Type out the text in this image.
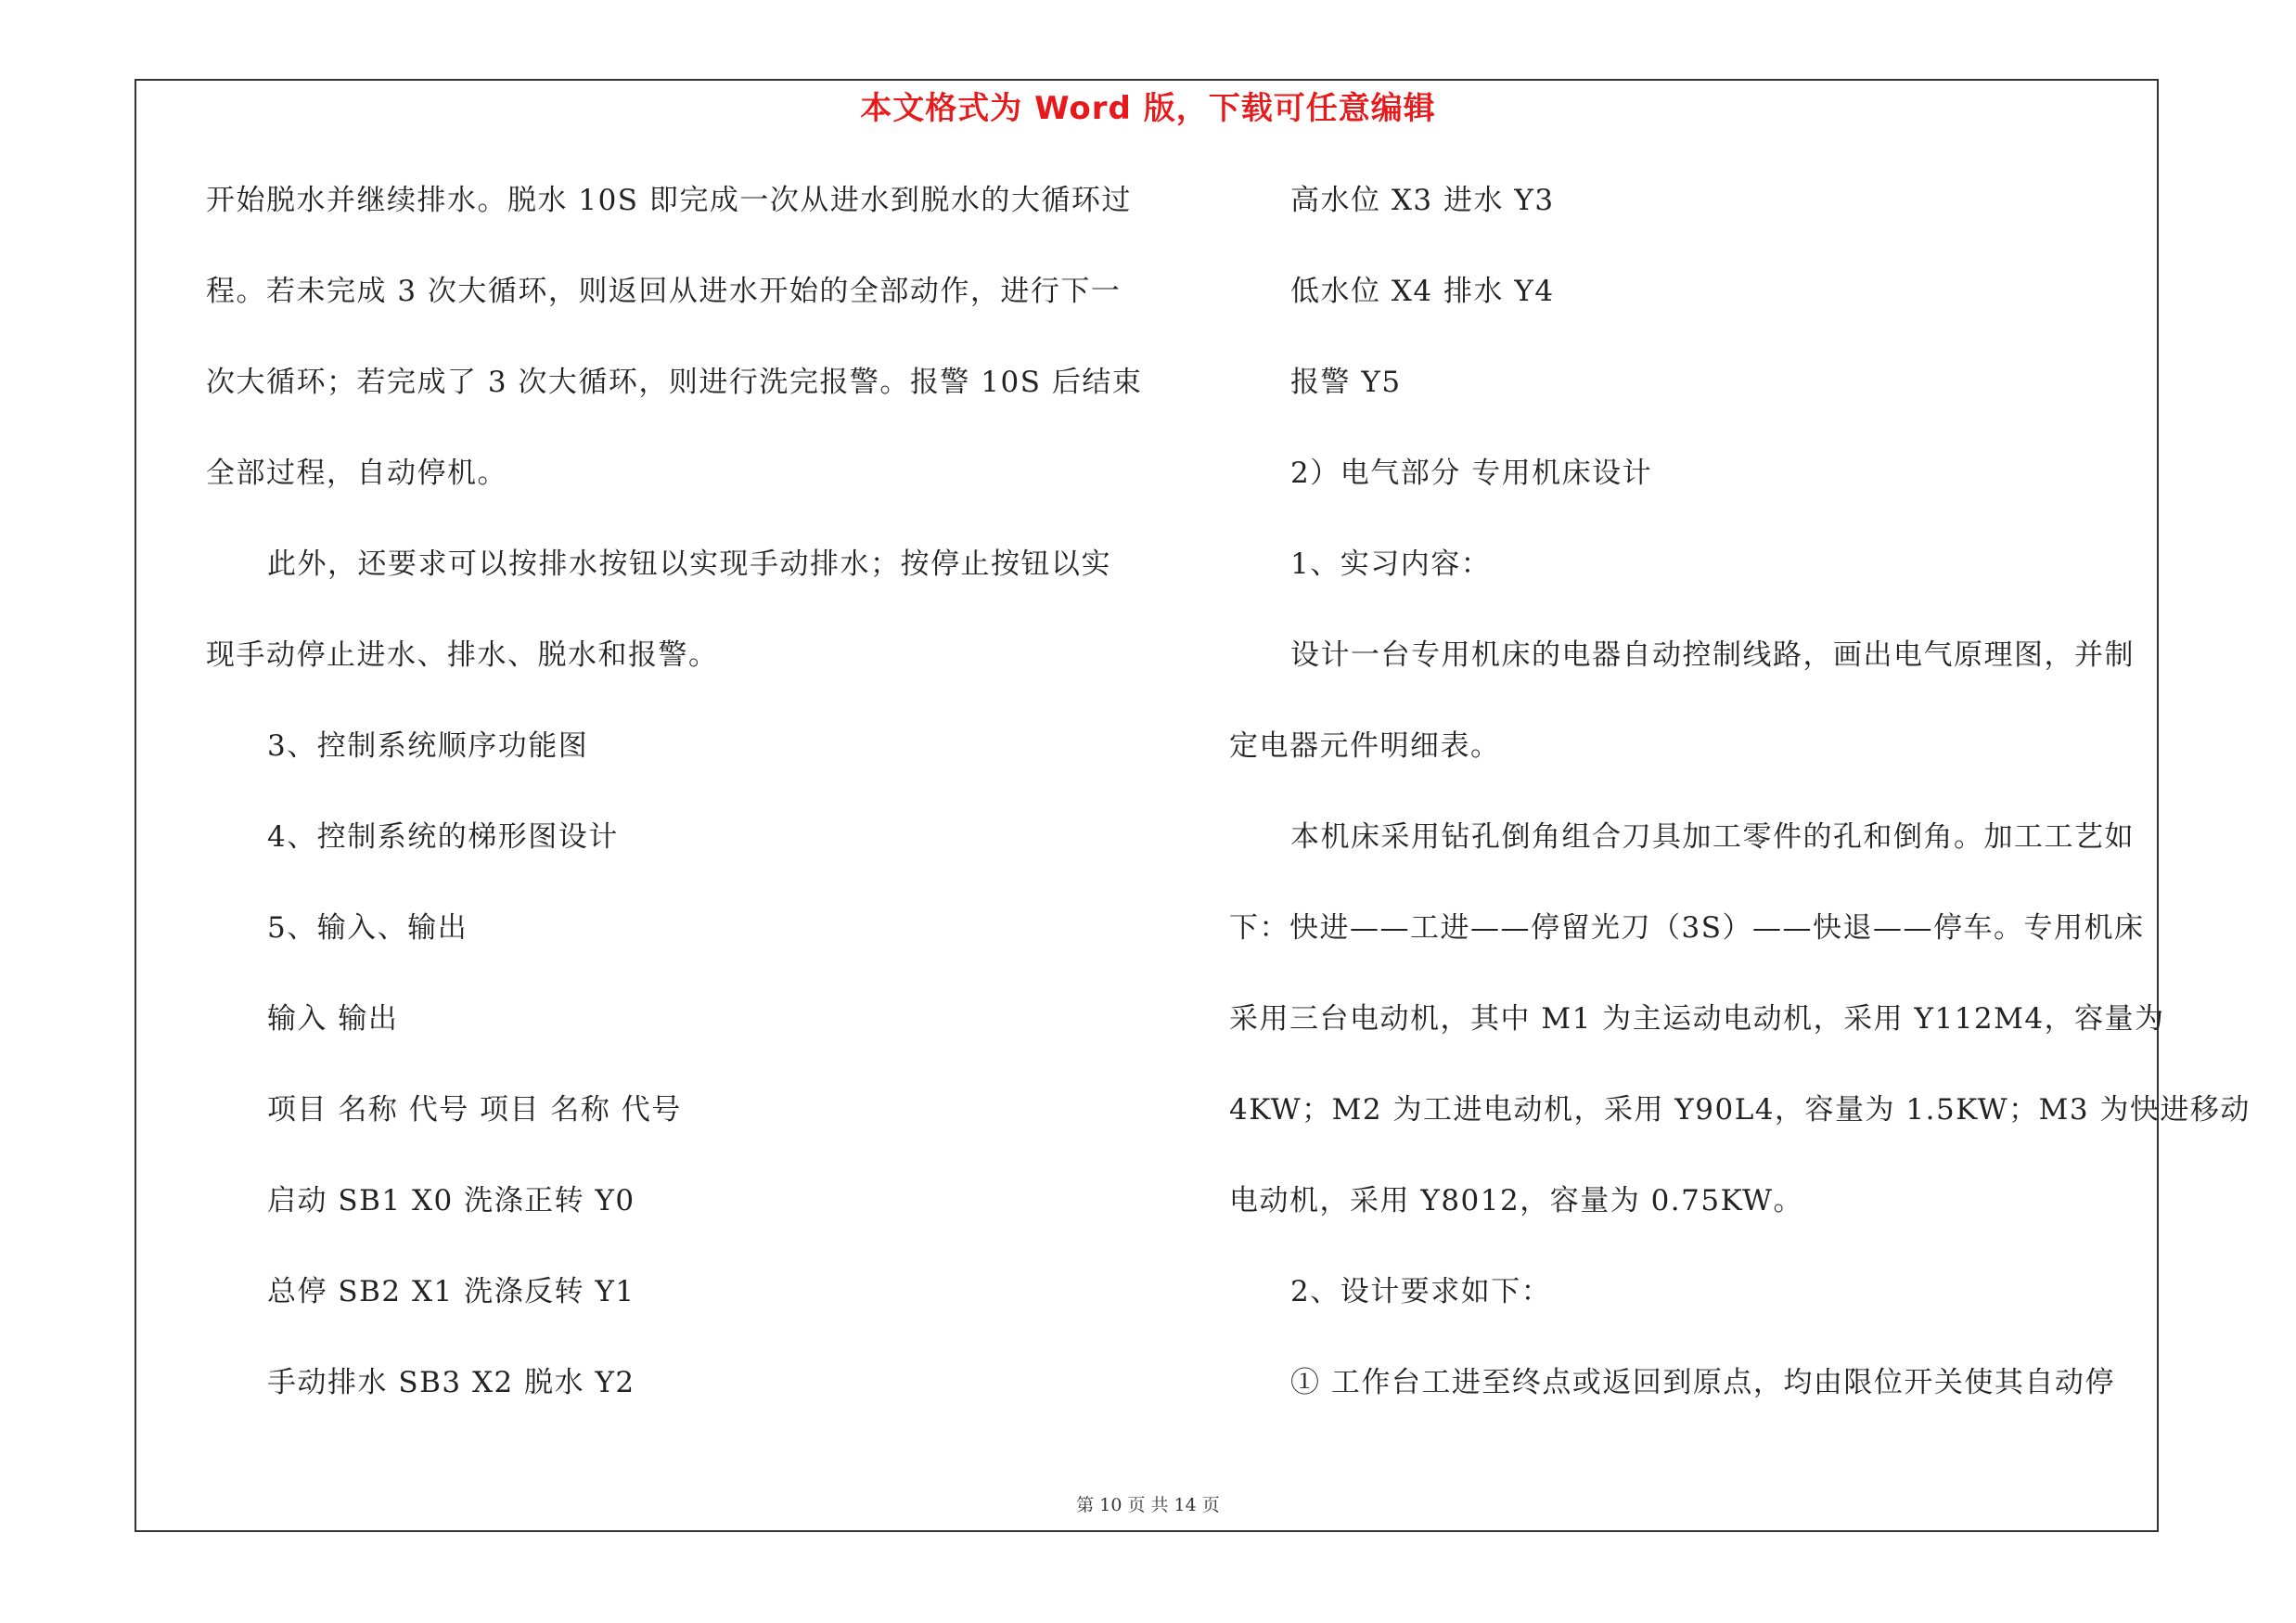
本文格式为 Word 版，下载可任意编辑
开始脱水并继续排水。脱水 10S 即完成一次从进水到脱水的大循环过
程。若未完成 3 次大循环，则返回从进水开始的全部动作，进行下一
次大循环；若完成了 3 次大循环，则进行洗完报警。报警 10S 后结束
全部过程，自动停机。
此外，还要求可以按排水按钮以实现手动排水；按停止按钮以实
现手动停止进水、排水、脱水和报警。
3、控制系统顺序功能图
4、控制系统的梯形图设计
5、输入、输出
输入 输出
项目 名称 代号 项目 名称 代号
启动 SB1 X0 洗涤正转 Y0
总停 SB2 X1 洗涤反转 Y1
手动排水 SB3 X2 脱水 Y2
高水位 X3 进水 Y3
低水位 X4 排水 Y4
报警 Y5
2）电气部分 专用机床设计
1、实习内容：
设计一台专用机床的电器自动控制线路，画出电气原理图，并制
定电器元件明细表。
本机床采用钻孔倒角组合刀具加工零件的孔和倒角。加工工艺如
下：快进——工进——停留光刀（3S）——快退——停车。专用机床
采用三台电动机，其中 M1 为主运动电动机，采用 Y112M4，容量为
4KW；M2 为工进电动机，采用 Y90L4，容量为 1.5KW；M3 为快进移动
电动机，采用 Y8012，容量为 0.75KW。
2、设计要求如下：
① 工作台工进至终点或返回到原点，均由限位开关使其自动停
第 10 页 共 14 页
